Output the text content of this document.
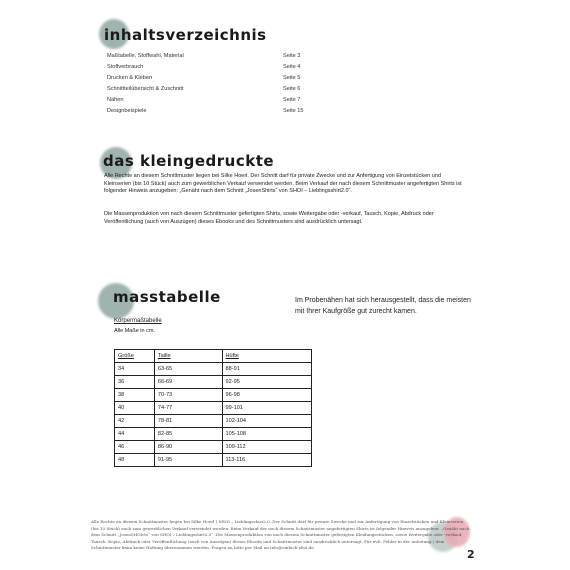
inhaltsverzeichnis
Maßtabelle, Stoffwahl, Material	Seite 3
Stoffverbrauch	Seite 4
Drucken & Kleben	Seite 5
Schnittteilübersicht & Zuschnitt	Seite 6
Nähen	Seite 7
Designbeispiele	Seite 15
das kleingedruckte
Alle Rechte an diesem Schnittmuster liegen bei Silke Hoerl. Der Schnitt darf für private Zwecke und zur Anfertigung von Einzelstücken und Kleinserien (bis 10 Stück) auch zum gewerblichen Verkauf verwendet werden. Beim Verkauf der nach diesem Schnittmuster angefertigten Shirts ist folgender Hinweis anzugeben: „Genäht nach dem Schnitt „JosenShirts“ von SHOI – Lieblingsshirt2.0“.
Die Massenproduktion von nach diesem Schnittmuster gefertigten Shirts, sowie Weitergabe oder -verkauf, Tausch, Kopie, Abdruck oder Veröffentlichung (auch von Auszügen) dieses Ebooks und des Schnittmusters sind ausdrücklich untersagt.
masstabelle	Im Probenähen hat sich herausgestellt, dass die meisten mit Ihrer Kaufgröße gut zurecht kamen.
Körpermaßtabelle
Alle Maße in cm.
Größe	Taille	Hüfte
34	63-65	88-91
36	66-69	92-95
38	70-73	96-98
40	74-77	99-101
42	78-81	102-104
44	82-85	105-108
46	86-90	109-112
48	91-95	113-116
Alle Rechte an diesem Schnittmuster liegen bei Silke Hoerl | SHOI – Lieblingsshirt2.0. Der Schnitt darf für private Zwecke und zur Anfertigung von Einzelstücken und Kleinserien (bis 10 Stück) auch zum gewerblichen Verkauf verwendet werden. Beim Verkauf der nach diesem Schnittmuster angefertigten Shirts ist folgender Hinweis anzugeben: „Genäht nach dem Schnitt „JosenSHOIrts“ von SHOI – Lieblingsshirt2.0“. Die Massenproduktion von nach diesem Schnittmuster gefertigten Kleidungsstücken, sowie Weitergabe oder -verkauf, Tausch, Kopie, Abdruck oder Veröffentlichung (auch von Auszügen) dieses Ebooks und Schnittmuster sind ausdrücklich untersagt. Für evtl. Fehler in der Anleitung / dem Schnittmuster kann keine Haftung übernommen werden. Fragen an bitte per Mail an info@einfach-shoi.de.
2
